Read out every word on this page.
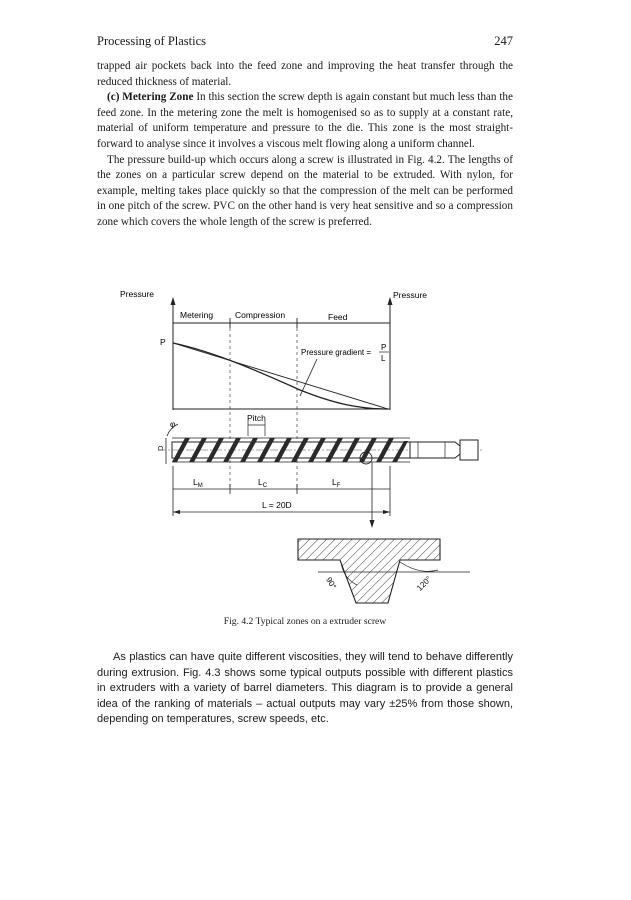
Processing of Plastics	247

trapped air pockets back into the feed zone and improving the heat transfer through the reduced thickness of material.

(c) Metering Zone In this section the screw depth is again constant but much less than the feed zone. In the metering zone the melt is homogenised so as to supply at a constant rate, material of uniform temperature and pressure to the die. This zone is the most straight-forward to analyse since it involves a viscous melt flowing along a uniform channel.

The pressure build-up which occurs along a screw is illustrated in Fig. 4.2. The lengths of the zones on a particular screw depend on the material to be extruded. With nylon, for example, melting takes place quickly so that the compression of the melt can be performed in one pitch of the screw. PVC on the other hand is very heat sensitive and so a compression zone which covers the whole length of the screw is preferred.

Pressure	Pressure
Metering	Compression	Feed
P
Pressure gradient =
P
L
Pitch
φ
D
$L_M$	$L_C$	$L_F$
L = 20D
90°	120°
Fig. 4.2 Typical zones on a extruder screw

As plastics can have quite different viscosities, they will tend to behave differently during extrusion. Fig. 4.3 shows some typical outputs possible with different plastics in extruders with a variety of barrel diameters. This diagram is to provide a general idea of the ranking of materials – actual outputs may vary ±25% from those shown, depending on temperatures, screw speeds, etc.
